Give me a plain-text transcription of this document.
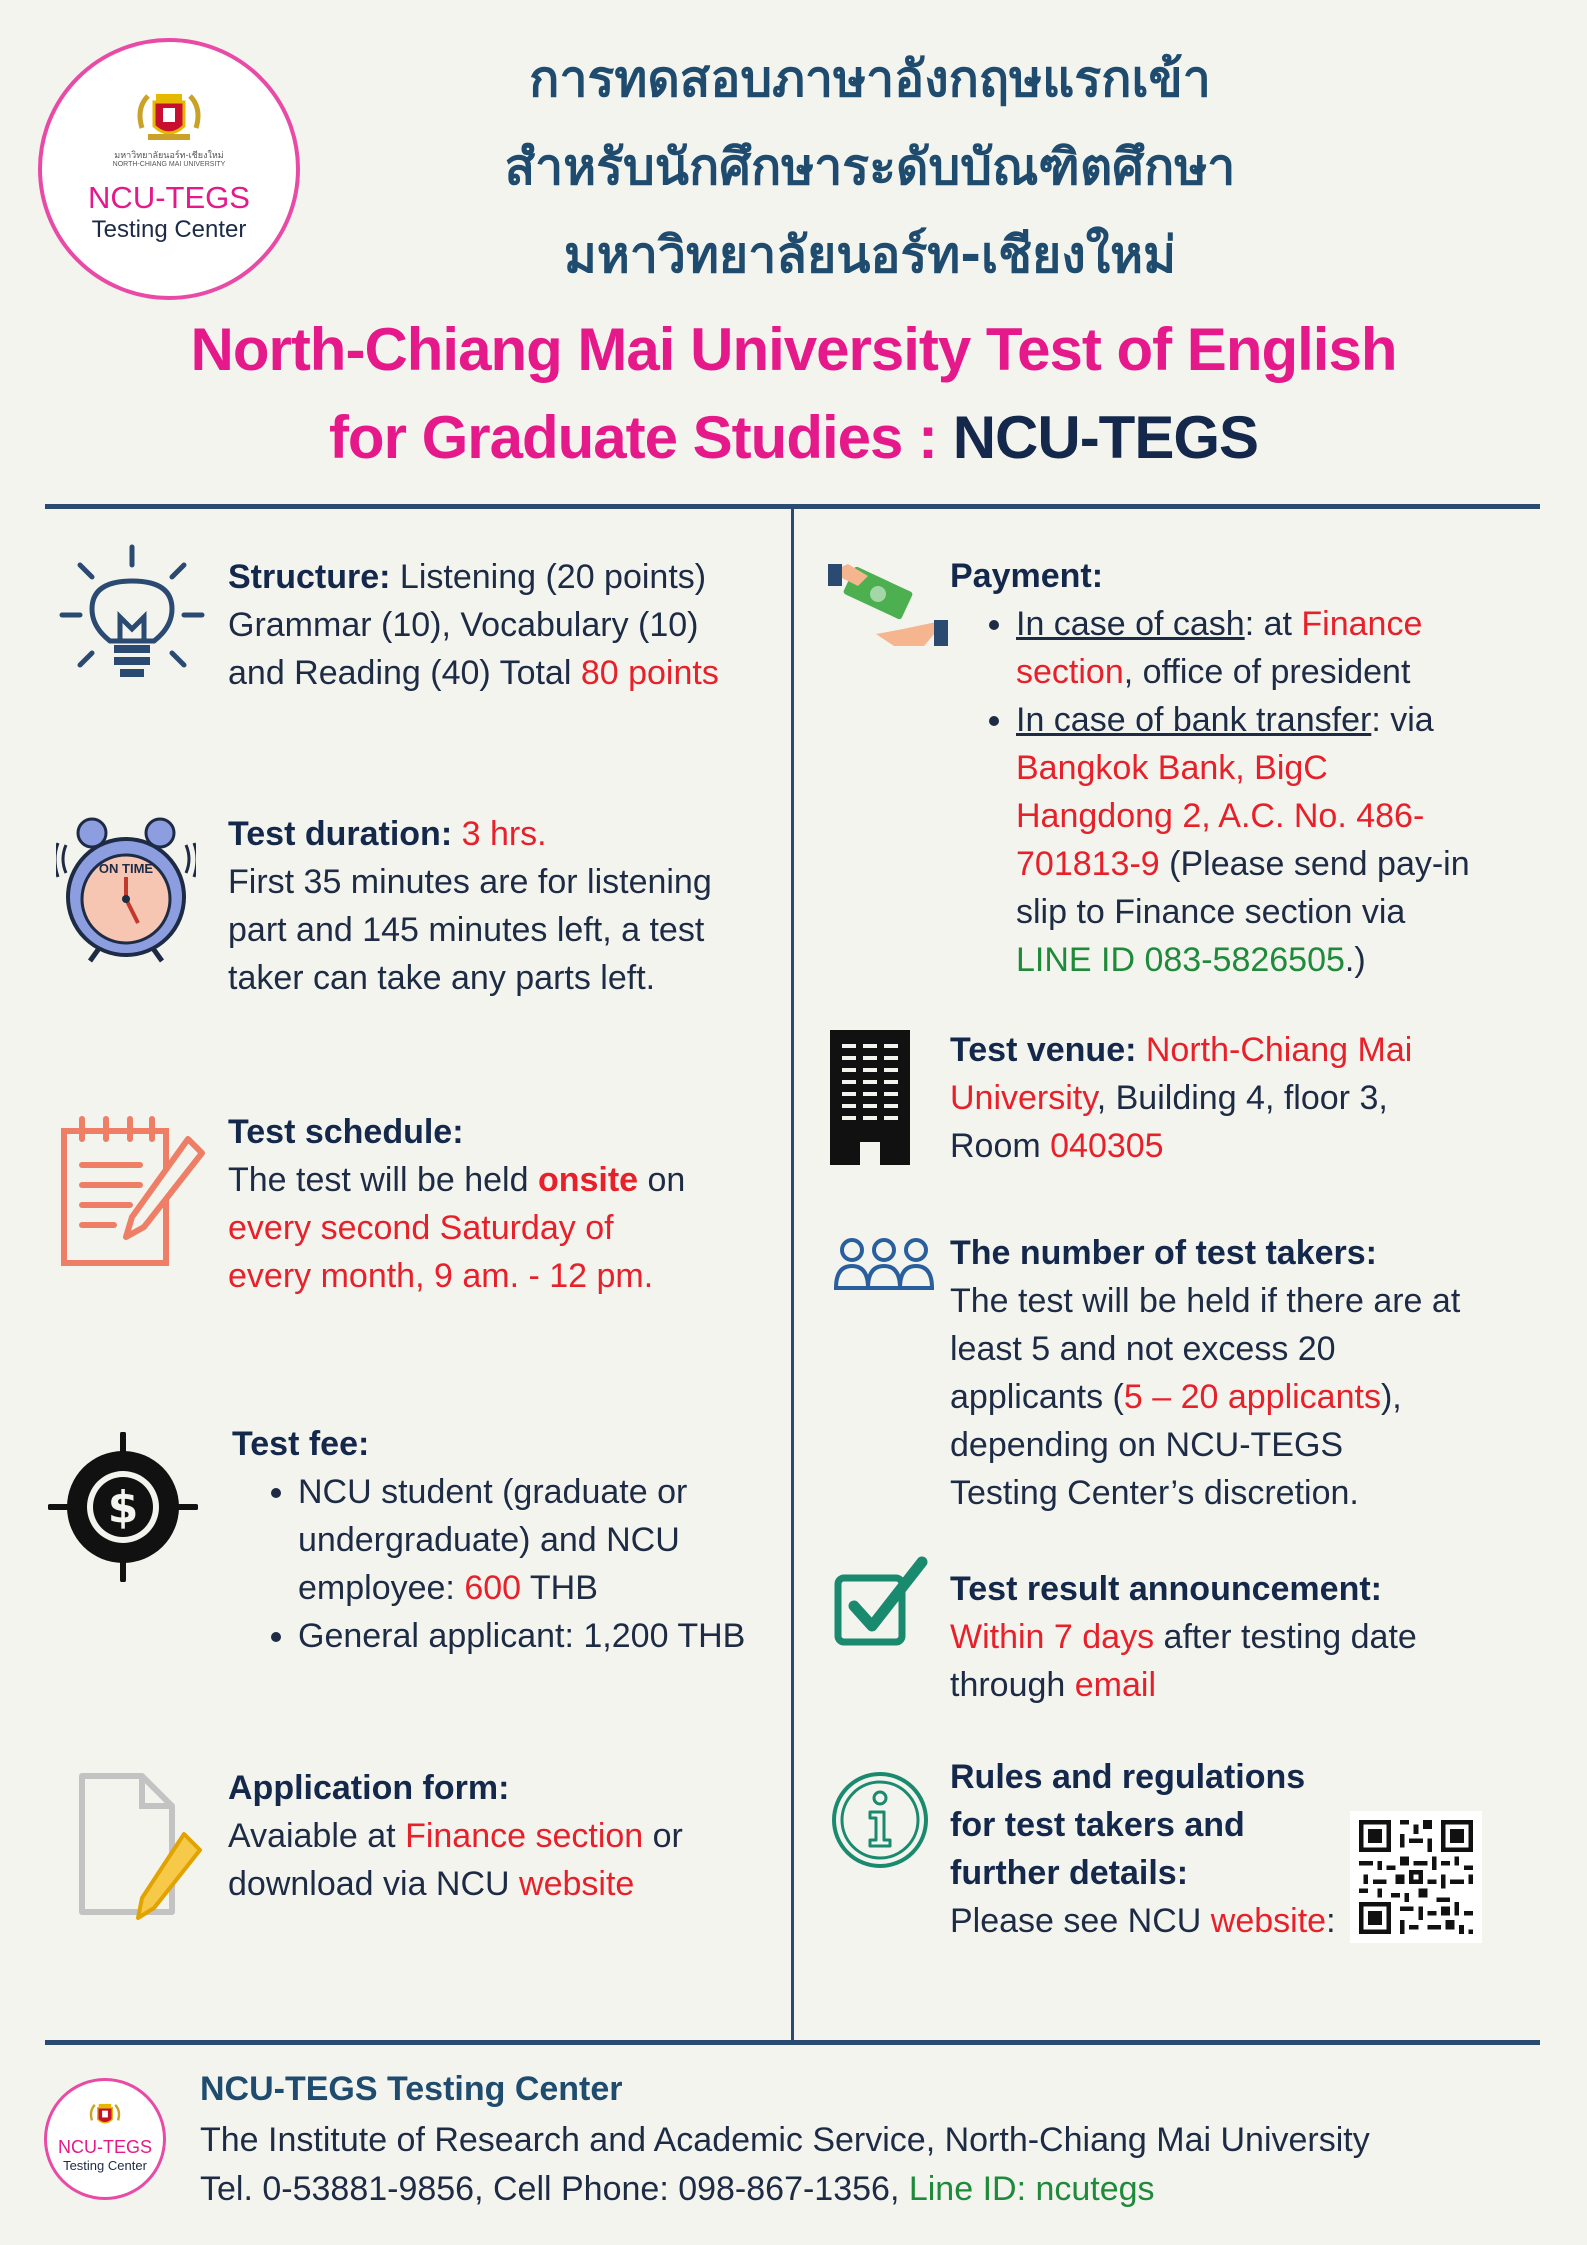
มหาวิทยาลัยนอร์ท-เชียงใหม่
NORTH-CHIANG MAI UNIVERSITY
NCU-TEGS
Testing Center
การทดสอบภาษาอังกฤษแรกเข้า
สำหรับนักศึกษาระดับบัณฑิตศึกษา
มหาวิทยาลัยนอร์ท-เชียงใหม่
North-Chiang Mai University Test of English
for Graduate Studies : NCU-TEGS
Structure: Listening (20 points)
Grammar (10), Vocabulary (10)
and Reading (40) Total 80 points
ON TIME
Test duration: 3 hrs.
First 35 minutes are for listening
part and 145 minutes left, a test
taker can take any parts left.
Test schedule:
The test will be held onsite on
every second Saturday of
every month, 9 am. - 12 pm.
$
Test fee:
• NCU student (graduate or
undergraduate) and NCU
employee: 600 THB
• General applicant: 1,200 THB
Application form:
Avaiable at Finance section or
download via NCU website
Payment:
• In case of cash: at Finance
section, office of president
• In case of bank transfer: via
Bangkok Bank, BigC
Hangdong 2, A.C. No. 486-
701813-9 (Please send pay-in
slip to Finance section via
LINE ID 083-5826505.)
Test venue: North-Chiang Mai
University, Building 4, floor 3,
Room 040305
The number of test takers:
The test will be held if there are at
least 5 and not excess 20
applicants (5 – 20 applicants),
depending on NCU-TEGS
Testing Center’s discretion.
Test result announcement:
Within 7 days after testing date
through email
Rules and regulations
for test takers and
further details:
Please see NCU website:
NCU-TEGS
Testing Center
NCU-TEGS Testing Center
The Institute of Research and Academic Service, North-Chiang Mai University
Tel. 0-53881-9856, Cell Phone: 098-867-1356, Line ID: ncutegs
